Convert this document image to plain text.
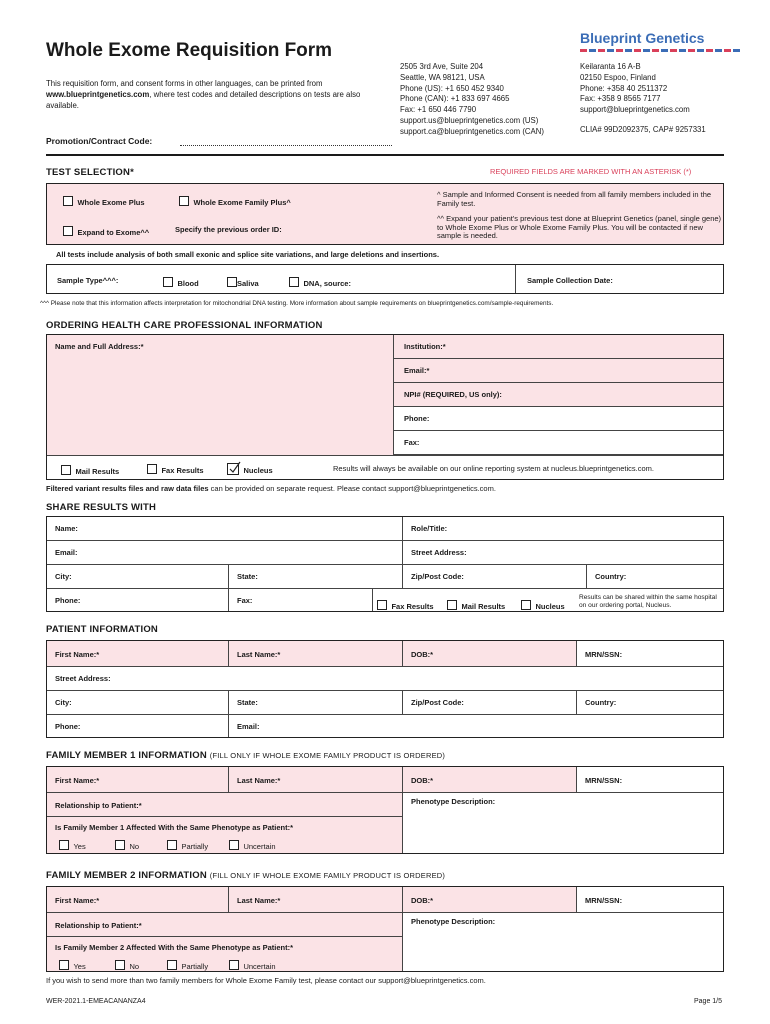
Whole Exome Requisition Form
This requisition form, and consent forms in other languages, can be printed from www.blueprintgenetics.com, where test codes and detailed descriptions on tests are also available.
2505 3rd Ave, Suite 204
Seattle, WA 98121, USA
Phone (US): +1 650 452 9340
Phone (CAN): +1 833 697 4665
Fax: +1 650 446 7790
support.us@blueprintgenetics.com (US)
support.ca@blueprintgenetics.com (CAN)
Keilaranta 16 A-B
02150 Espoo, Finland
Phone: +358 40 2511372
Fax: +358 9 8565 7177
support@blueprintgenetics.com
CLIA# 99D2092375, CAP# 9257331
Blueprint Genetics
Promotion/Contract Code:
TEST SELECTION*	REQUIRED FIELDS ARE MARKED WITH AN ASTERISK (*)
Whole Exome Plus	Whole Exome Family Plus^
Expand to Exome^^	Specify the previous order ID:
^ Sample and Informed Consent is needed from all family members included in the Family test.
^^ Expand your patient's previous test done at Blueprint Genetics (panel, single gene) to Whole Exome Plus or Whole Exome Family Plus. You will be contacted if new sample is needed.
All tests include analysis of both small exonic and splice site variations, and large deletions and insertions.
Sample Type^^^:	Blood	Saliva	DNA, source:	Sample Collection Date:
^^^ Please note that this information affects interpretation for mitochondrial DNA testing. More information about sample requirements on blueprintgenetics.com/sample-requirements.
ORDERING HEALTH CARE PROFESSIONAL INFORMATION
Name and Full Address:*	Institution:*
Email:*
NPI# (REQUIRED, US only):
Phone:
Fax:
Mail Results	Fax Results	Nucleus	Results will always be available on our online reporting system at nucleus.blueprintgenetics.com.
Filtered variant results files and raw data files can be provided on separate request. Please contact support@blueprintgenetics.com.
SHARE RESULTS WITH
Name:	Role/Title:
Email:	Street Address:
City:	State:	Zip/Post Code:	Country:
Phone:	Fax:
Fax Results	Mail Results	Nucleus
Results can be shared within the same hospital on our ordering portal, Nucleus.
PATIENT INFORMATION
First Name:*	Last Name:*	DOB:*	MRN/SSN:
Street Address:
City:	State:	Zip/Post Code:	Country:
Phone:	Email:
FAMILY MEMBER 1 INFORMATION (FILL ONLY IF WHOLE EXOME FAMILY PRODUCT IS ORDERED)
First Name:*	Last Name:*	DOB:*	MRN/SSN:
Relationship to Patient:*
Is Family Member 1 Affected With the Same Phenotype as Patient:*
Yes	No	Partially	Uncertain
Phenotype Description:
FAMILY MEMBER 2 INFORMATION (FILL ONLY IF WHOLE EXOME FAMILY PRODUCT IS ORDERED)
First Name:*	Last Name:*	DOB:*	MRN/SSN:
Relationship to Patient:*
Is Family Member 2 Affected With the Same Phenotype as Patient:*
Yes	No	Partially	Uncertain
Phenotype Description:
If you wish to send more than two family members for Whole Exome Family test, please contact our support@blueprintgenetics.com.
WER-2021.1-EMEACANANZA4	Page 1/5
